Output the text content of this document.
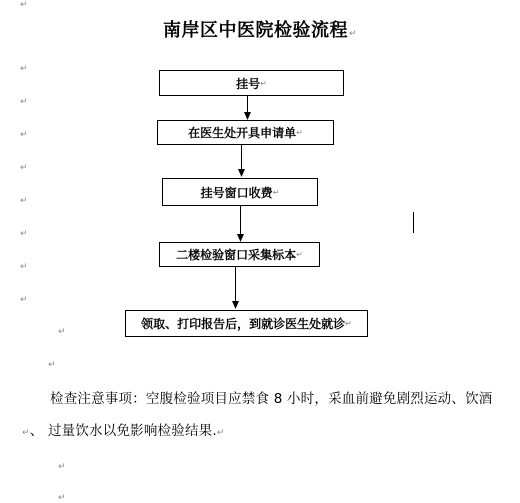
↵
↵
↵
↵
↵
↵
↵
↵
↵
↵
↵
↵
↵
南岸区中医院检验流程↵
挂号 ↵
在医生处开具申请单 ↵
挂号窗口收费 ↵
二楼检验窗口采集标本 ↵
领取、打印报告后，到就诊医生处就诊 ↵
检查注意事项：空腹检验项目应禁食 8 小时，采血前避免剧烈运动、饮酒↵、 过量饮水以免影响检验结果.↵
